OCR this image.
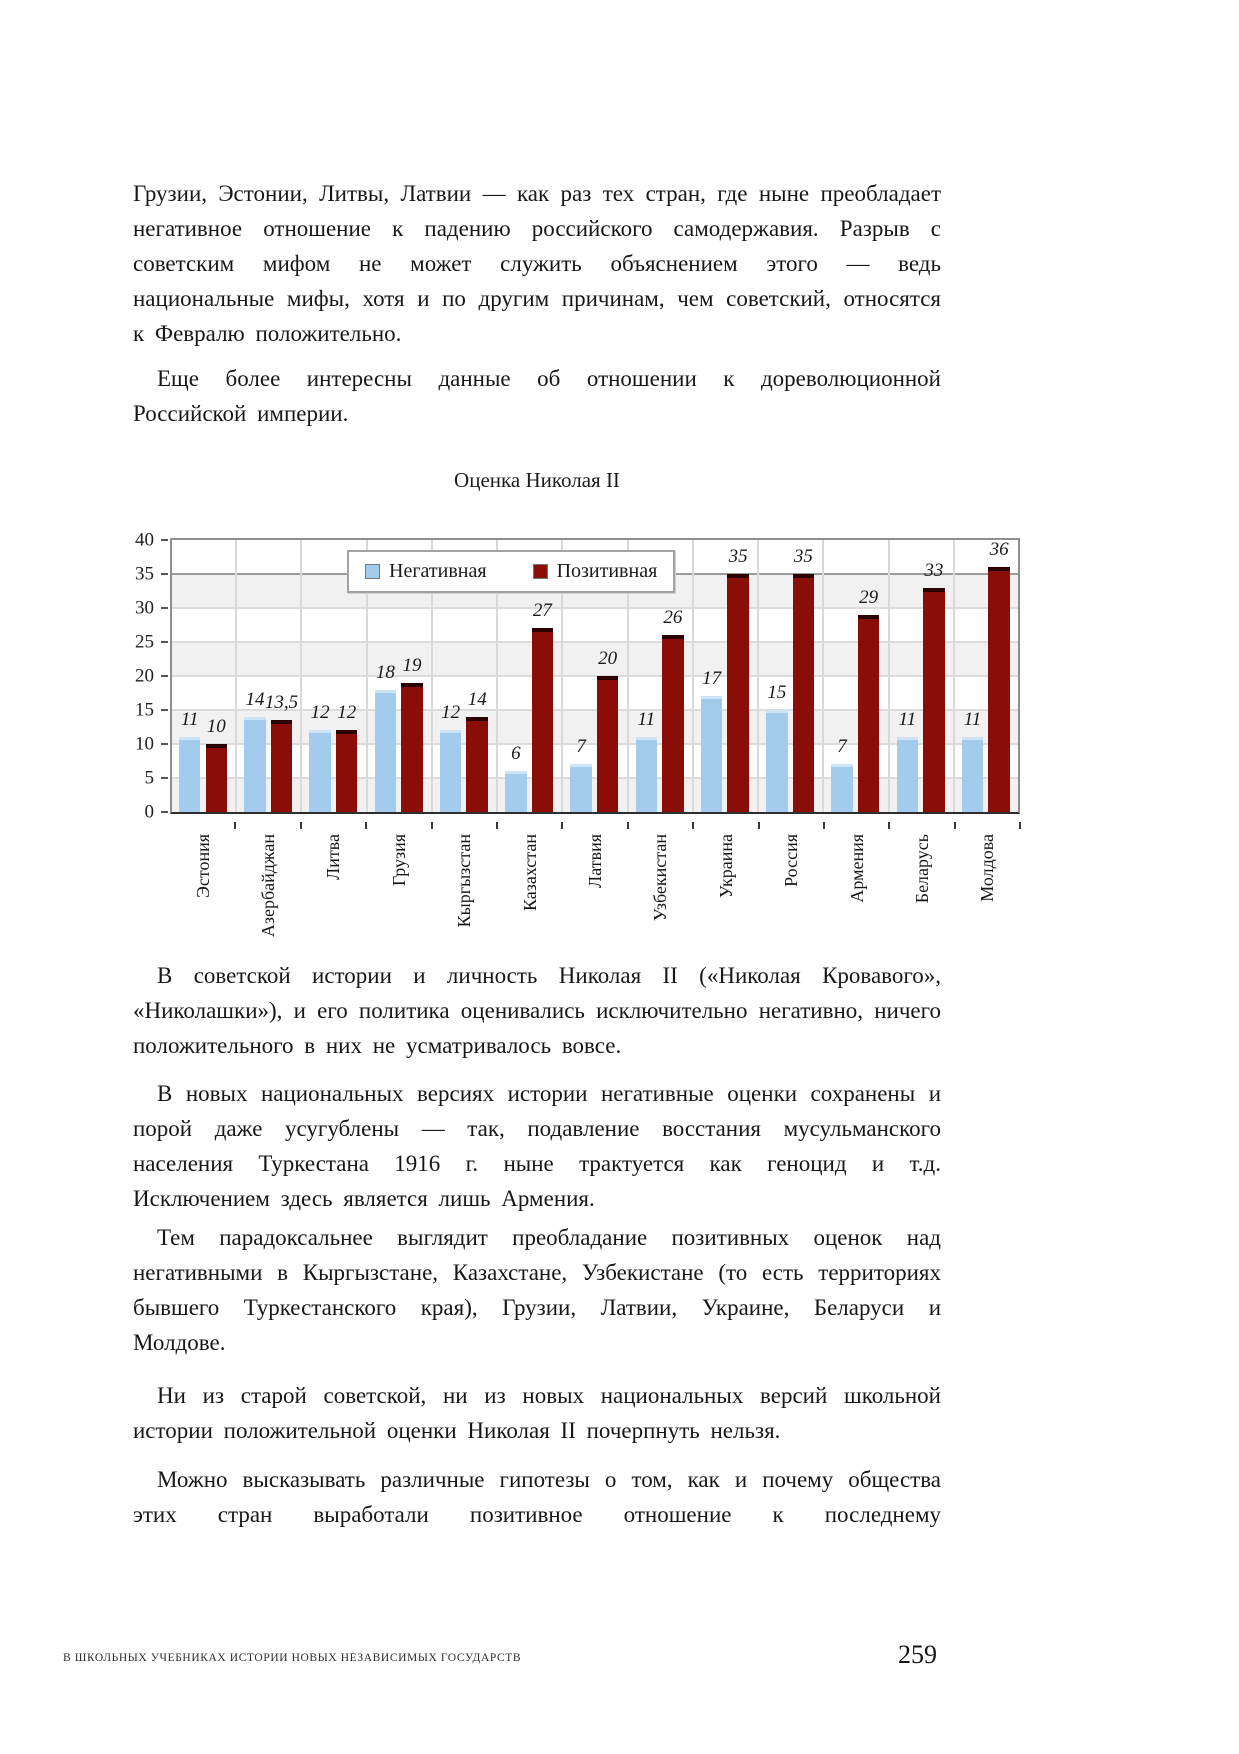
Грузии, Эстонии, Литвы, Латвии — как раз тех стран, где ныне преобладает негативное отношение к падению российского самодержавия. Разрыв с советским мифом не может служить объяснением этого — ведь национальные мифы, хотя и по другим причинам, чем советский, относятся к Февралю положительно.

Еще более интересны данные об отношении к дореволюционной Российской империи.

Оценка Николая II
40
35
30
25
20
15
10
5
0
11 10
14 13,5 12 12
18 19
12
14
6
27
7
20
11
26
17
35
15
35
7
29
11
33
11
36
Негативная	Позитивная
Эстония	Азербайджан	Литва	Грузия	Кыргызстан	Казахстан	Латвия	Узбекистан	Украина	Россия	Армения	Беларусь	Молдова

В советской истории и личность Николая II («Николая Кровавого», «Николашки»), и его политика оценивались исключительно негативно, ничего положительного в них не усматривалось вовсе.

В новых национальных версиях истории негативные оценки сохранены и порой даже усугублены — так, подавление восстания мусульманского населения Туркестана 1916 г. ныне трактуется как геноцид и т.д. Исключением здесь является лишь Армения.

Тем парадоксальнее выглядит преобладание позитивных оценок над негативными в Кыргызстане, Казахстане, Узбекистане (то есть территориях бывшего Туркестанского края), Грузии, Латвии, Украине, Беларуси и Молдове.

Ни из старой советской, ни из новых национальных версий школьной истории положительной оценки Николая II почерпнуть нельзя.

Можно высказывать различные гипотезы о том, как и почему общества этих стран выработали позитивное отношение к последнему

В ШКОЛЬНЫХ УЧЕБНИКАХ ИСТОРИИ НОВЫХ НЕЗАВИСИМЫХ ГОСУДАРСТВ	259
